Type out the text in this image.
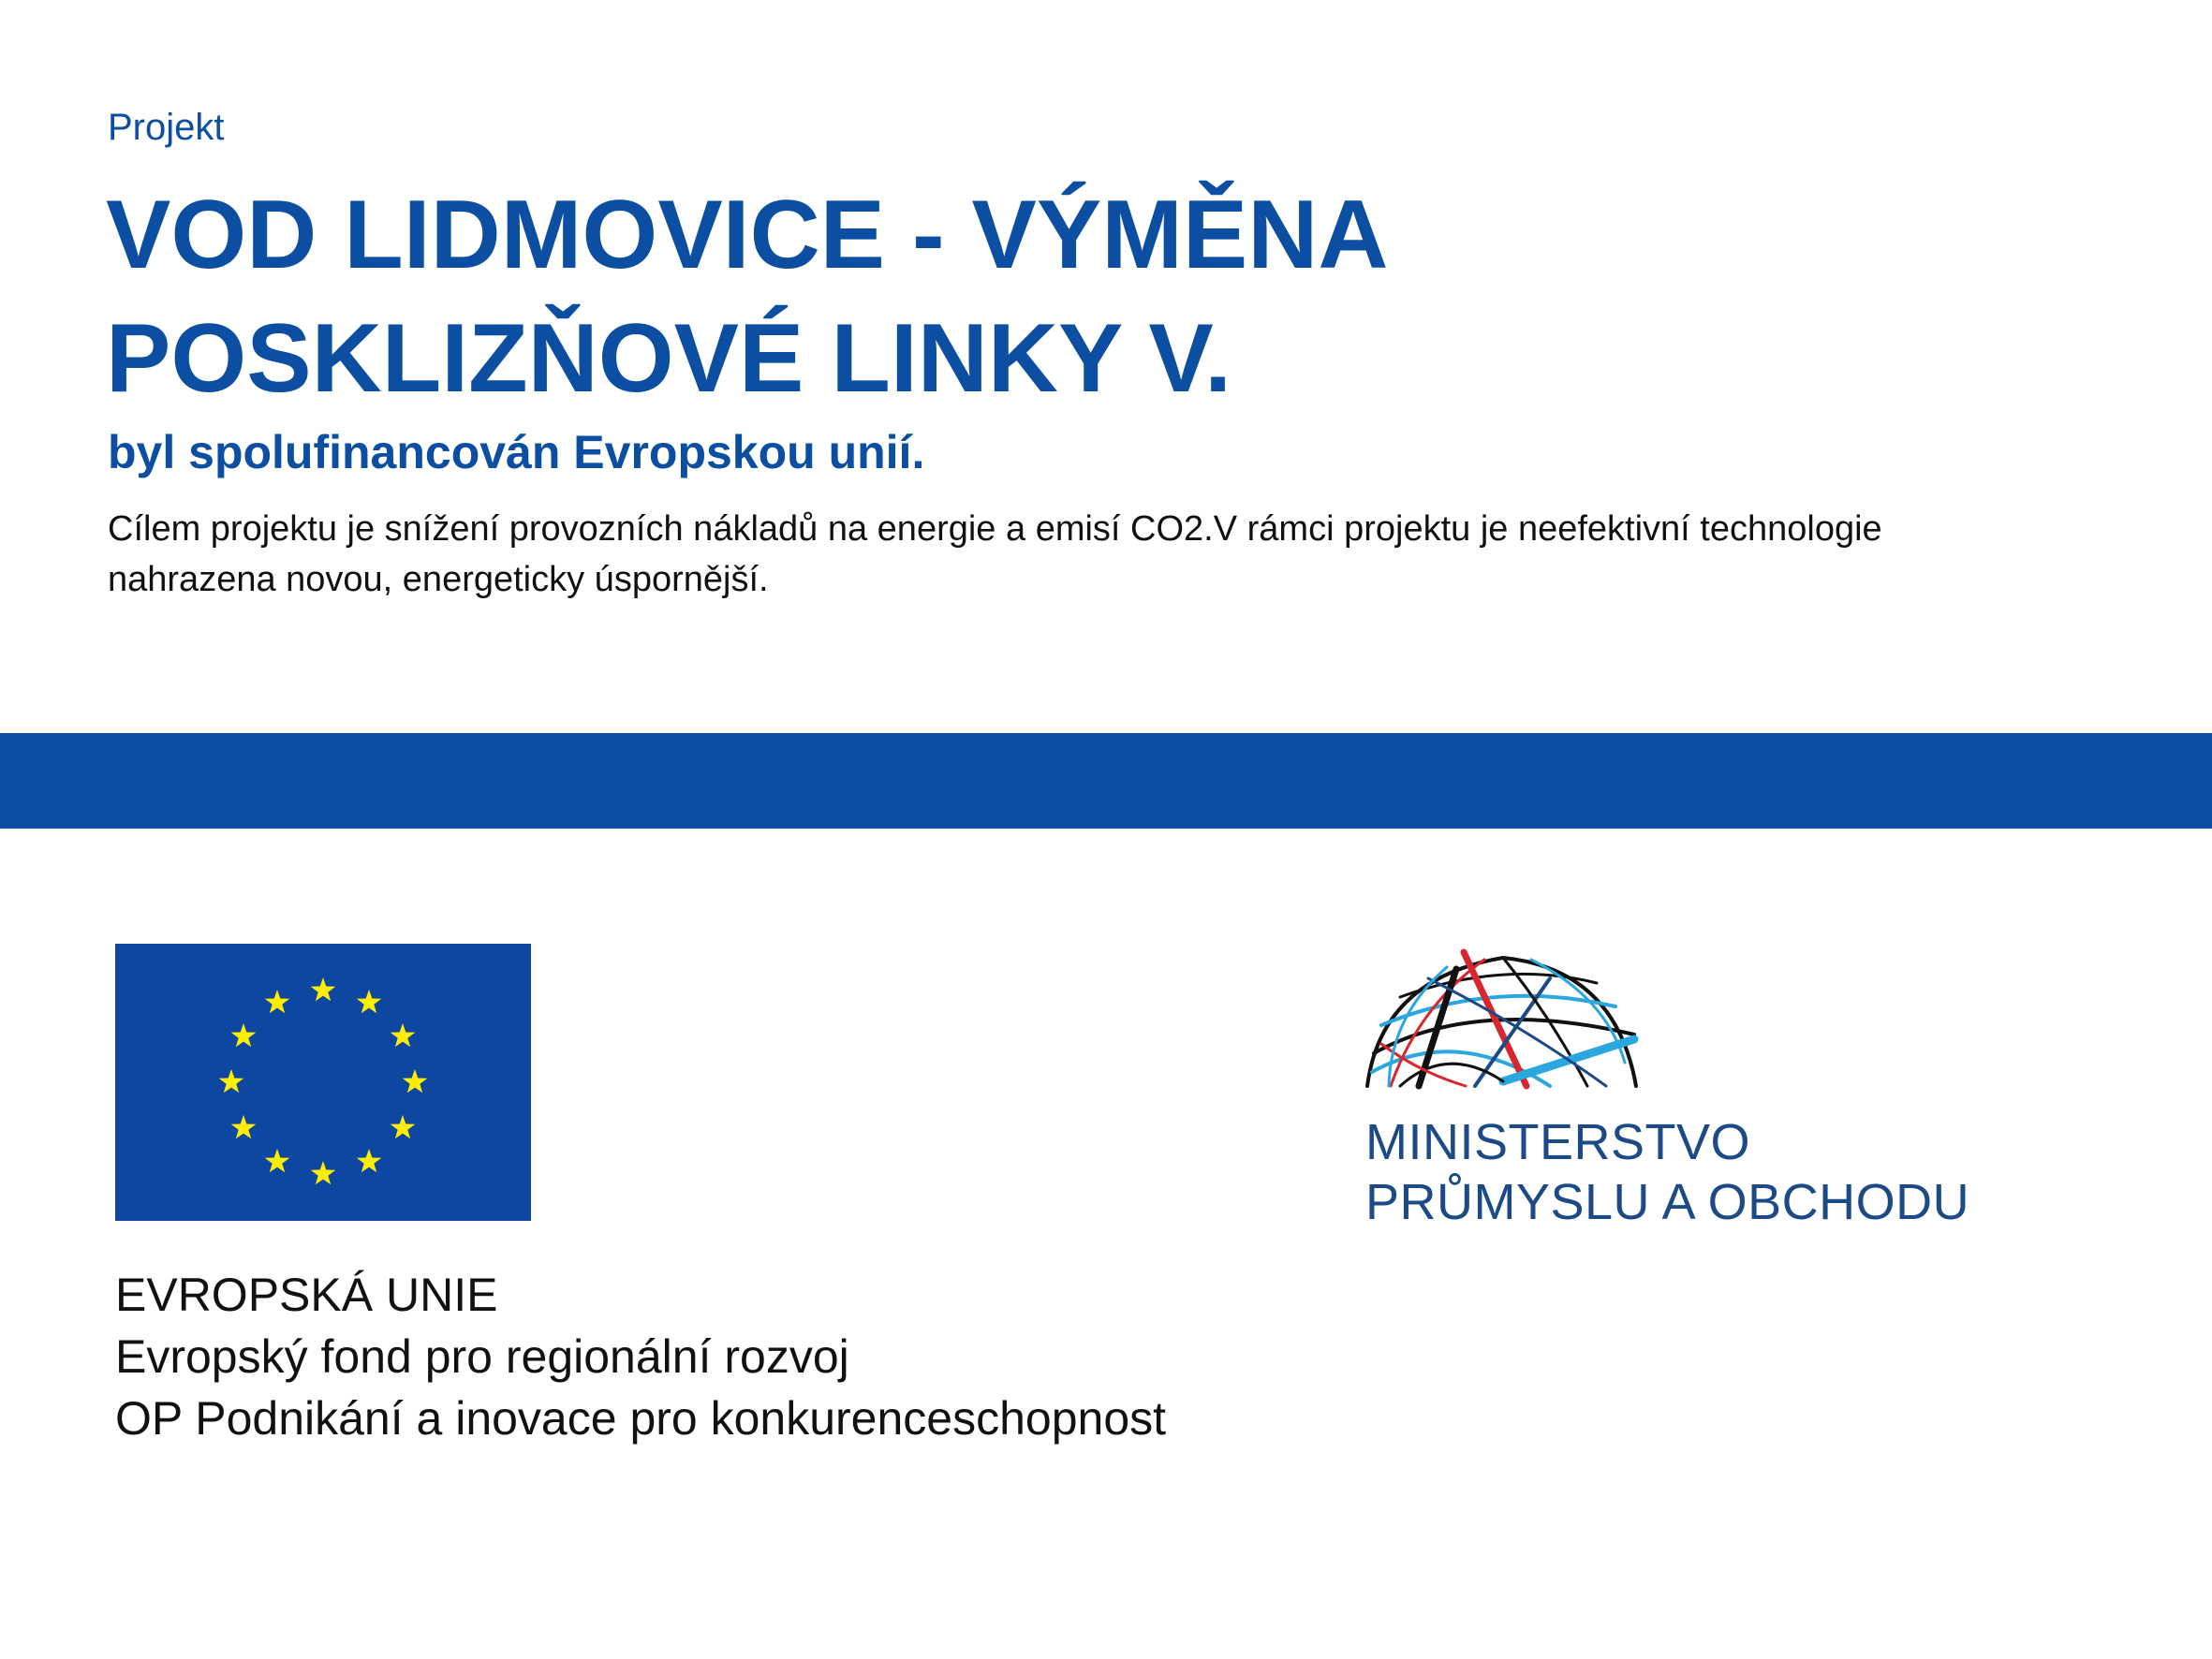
Projekt
VOD LIDMOVICE - VÝMĚNA
POSKLIZŇOVÉ LINKY V.
byl spolufinancován Evropskou unií.
Cílem projektu je snížení provozních nákladů na energie a emisí CO2.V rámci projektu je neefektivní technologie
nahrazena novou, energeticky úspornější.
EVROPSKÁ UNIE
Evropský fond pro regionální rozvoj
OP Podnikání a inovace pro konkurenceschopnost
MINISTERSTVO
PRŮMYSLU A OBCHODU
